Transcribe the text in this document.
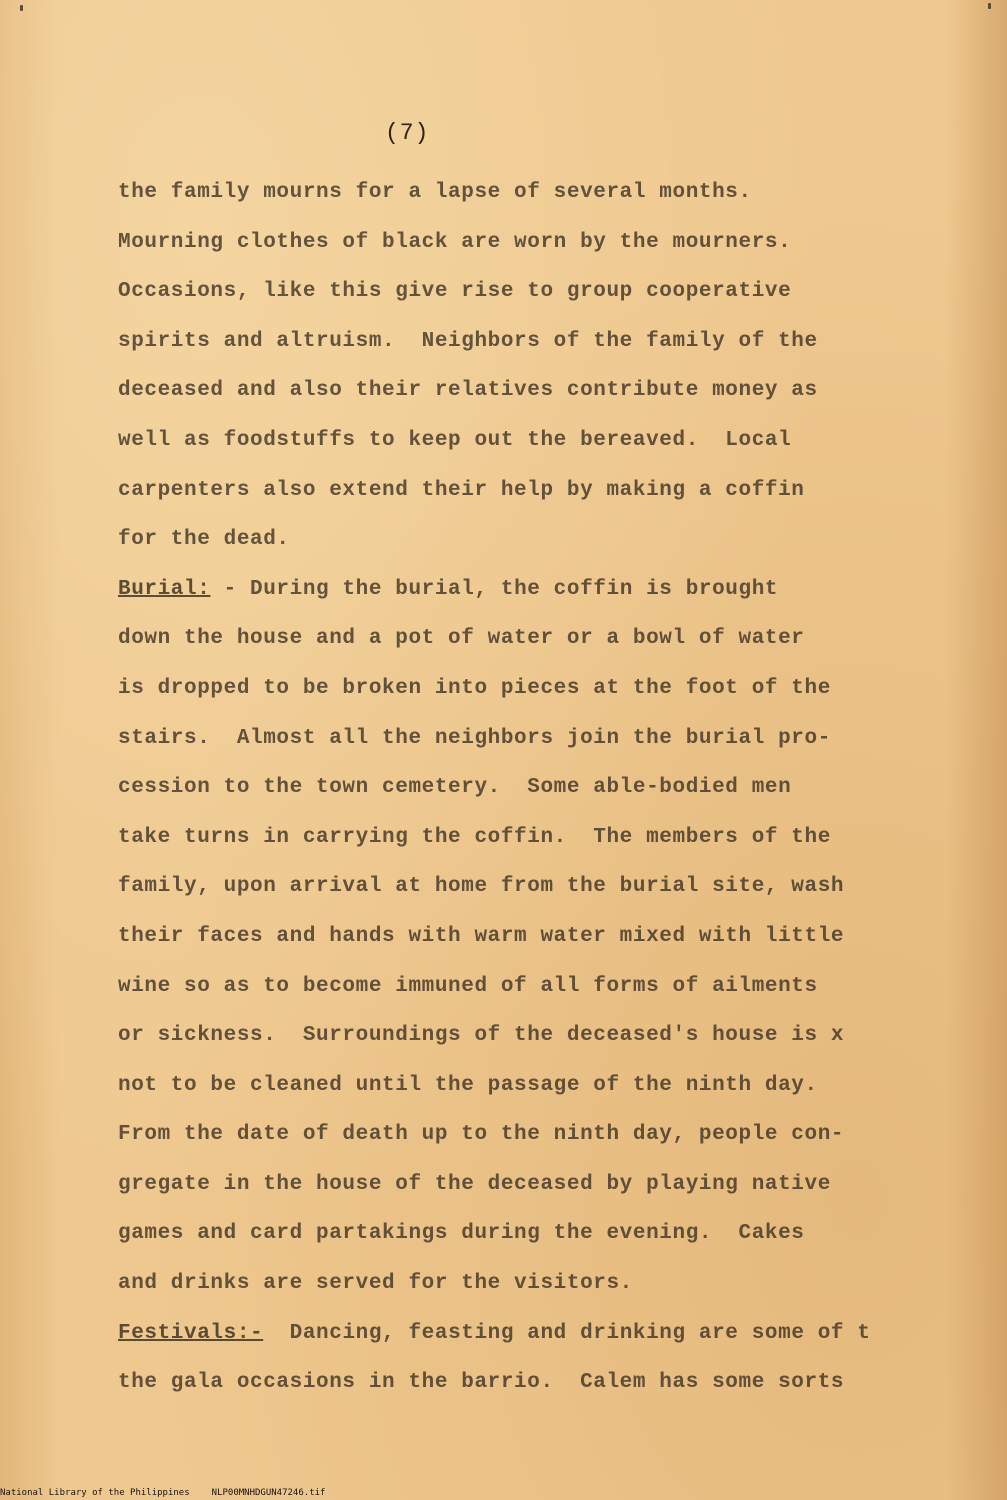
(7)
the family mourns for a lapse of several months.
Mourning clothes of black are worn by the mourners.
Occasions, like this give rise to group cooperative
spirits and altruism.  Neighbors of the family of the
deceased and also their relatives contribute money as
well as foodstuffs to keep out the bereaved.  Local
carpenters also extend their help by making a coffin
for the dead.
Burial: - During the burial, the coffin is brought
down the house and a pot of water or a bowl of water
is dropped to be broken into pieces at the foot of the
stairs.  Almost all the neighbors join the burial pro-
cession to the town cemetery.  Some able-bodied men
take turns in carrying the coffin.  The members of the
family, upon arrival at home from the burial site, wash
their faces and hands with warm water mixed with little
wine so as to become immuned of all forms of ailments
or sickness.  Surroundings of the deceased's house is x
not to be cleaned until the passage of the ninth day.
From the date of death up to the ninth day, people con-
gregate in the house of the deceased by playing native
games and card partakings during the evening.  Cakes
and drinks are served for the visitors.
Festivals:- Dancing, feasting and drinking are some of t
the gala occasions in the barrio.  Calem has some sorts
National Library of the Philippines NLP00MNHDGUN47246.tif
